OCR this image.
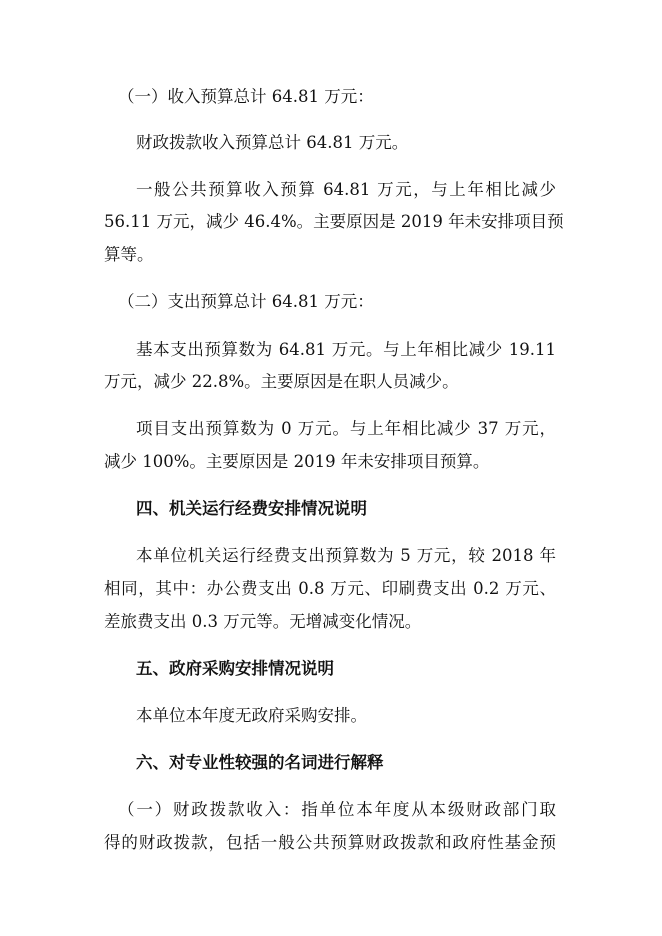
（一）收入预算总计 64.81 万元：
财政拨款收入预算总计 64.81 万元。
一般公共预算收入预算 64.81 万元，与上年相比减少
56.11 万元，减少 46.4%。主要原因是 2019 年未安排项目预
算等。
（二）支出预算总计 64.81 万元：
基本支出预算数为 64.81 万元。与上年相比减少 19.11
万元，减少 22.8%。主要原因是在职人员减少。
项目支出预算数为 0 万元。与上年相比减少 37 万元，
减少 100%。主要原因是 2019 年未安排项目预算。
四、机关运行经费安排情况说明
本单位机关运行经费支出预算数为 5 万元，较 2018 年
相同，其中：办公费支出 0.8 万元、印刷费支出 0.2 万元、
差旅费支出 0.3 万元等。无增减变化情况。
五、政府采购安排情况说明
本单位本年度无政府采购安排。
六、对专业性较强的名词进行解释
（一）财政拨款收入：指单位本年度从本级财政部门取
得的财政拨款，包括一般公共预算财政拨款和政府性基金预
